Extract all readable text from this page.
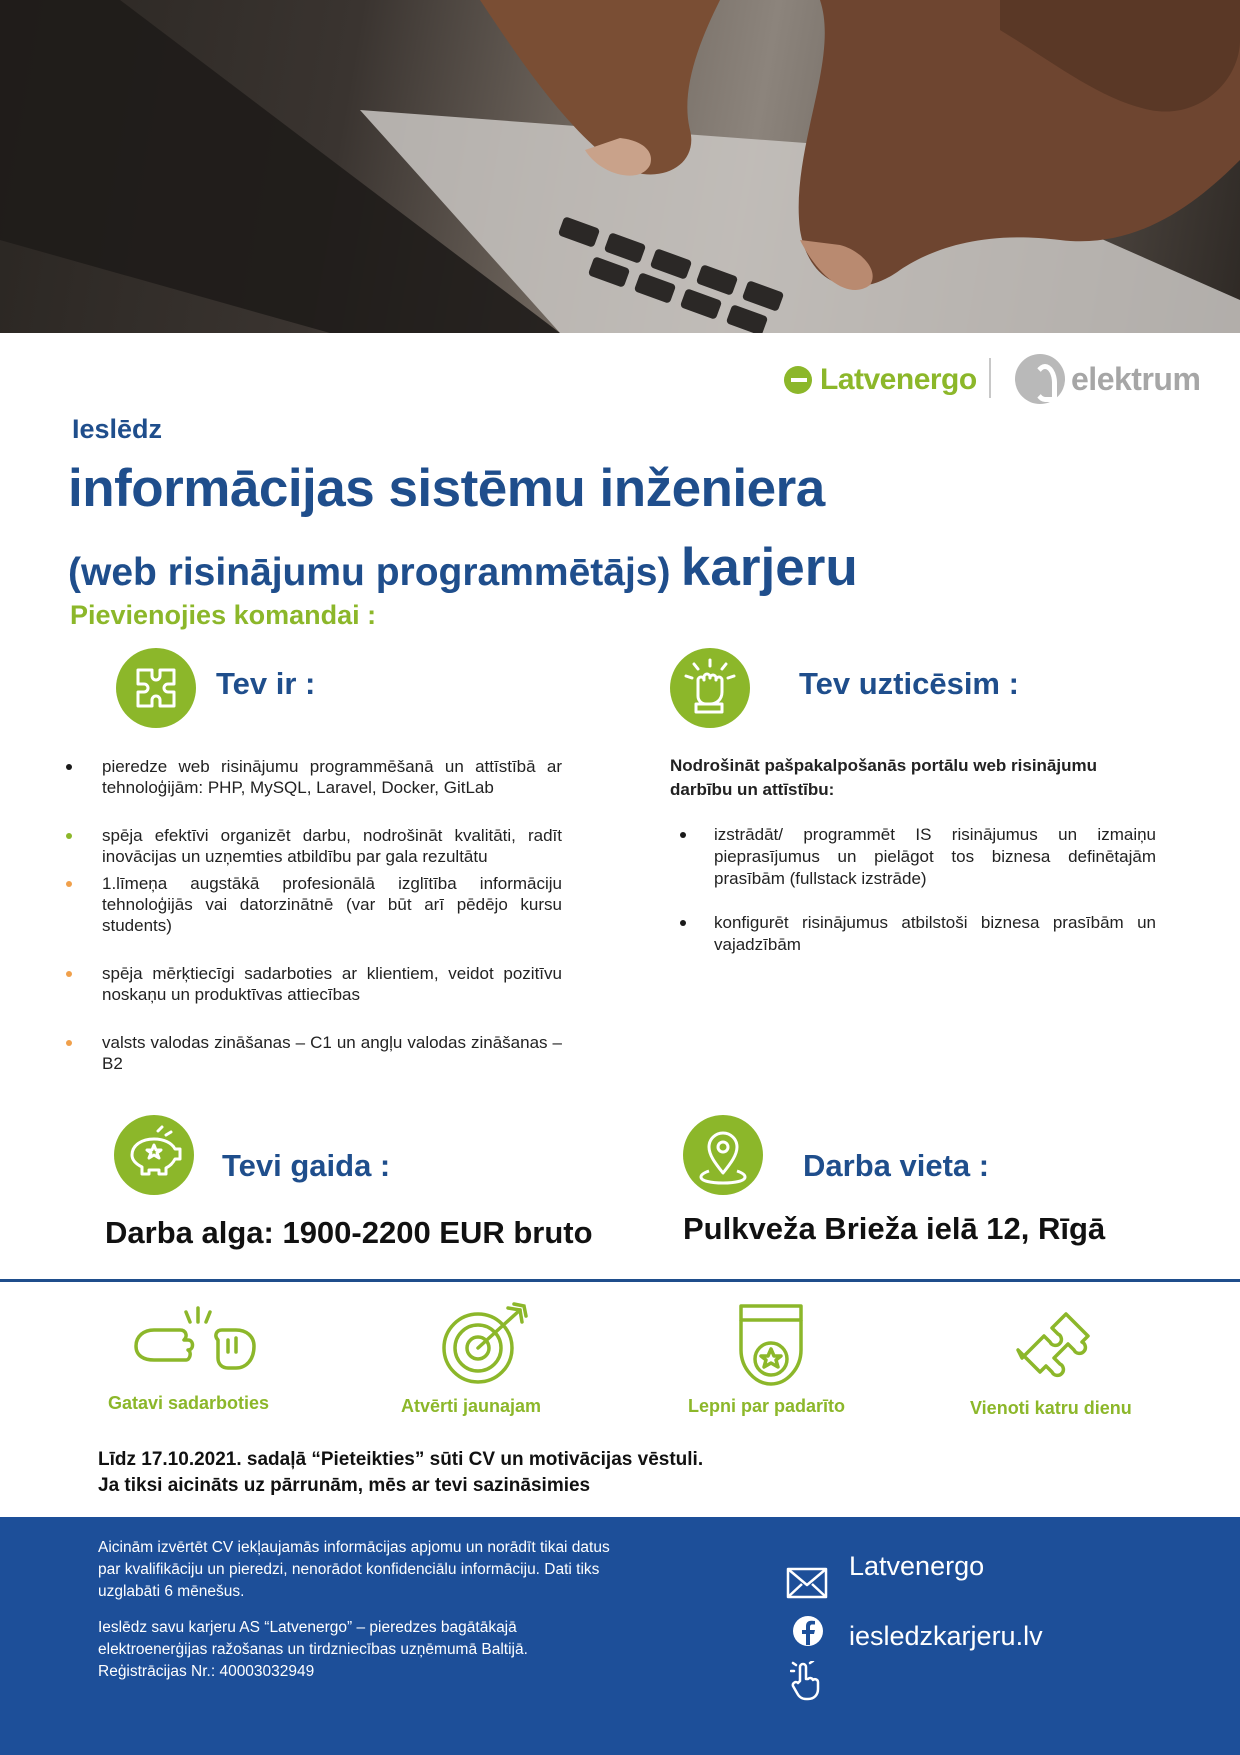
Latvenergo	elektrum
Ieslēdz
informācijas sistēmu inženiera
(web risinājumu programmētājs) karjeru
Pievienojies komandai :
Tev ir :
pieredze web risinājumu programmēšanā un attīstībā ar tehnoloģijām: PHP, MySQL, Laravel, Docker, GitLab
spēja efektīvi organizēt darbu, nodrošināt kvalitāti, radīt inovācijas un uzņemties atbildību par gala rezultātu
1.līmeņa augstākā profesionālā izglītība informāciju tehnoloģijās vai datorzinātnē (var būt arī pēdējo kursu students)
spēja mērķtiecīgi sadarboties ar klientiem, veidot pozitīvu noskaņu un produktīvas attiecības
valsts valodas zināšanas – C1 un angļu valodas zināšanas – B2
Tev uzticēsim :
Nodrošināt pašpakalpošanās portālu web risinājumu darbību un attīstību:
izstrādāt/ programmēt IS risinājumus un izmaiņu pieprasījumus un pielāgot tos biznesa definētajām prasībām (fullstack izstrāde)
konfigurēt risinājumus atbilstoši biznesa prasībām un vajadzībām
Tevi gaida :
Darba alga: 1900-2200 EUR bruto
Darba vieta :
Pulkveža Brieža ielā 12, Rīgā
Gatavi sadarboties	Atvērti jaunajam	Lepni par padarīto	Vienoti katru dienu
Līdz 17.10.2021. sadaļā “Pieteikties” sūti CV un motivācijas vēstuli.
Ja tiksi aicināts uz pārrunām, mēs ar tevi sazināsimies
Aicinām izvērtēt CV iekļaujamās informācijas apjomu un norādīt tikai datus par kvalifikāciju un pieredzi, nenorādot konfidenciālu informāciju. Dati tiks uzglabāti 6 mēnešus.
Ieslēdz savu karjeru AS “Latvenergo” – pieredzes bagātākajā elektroenerģijas ražošanas un tirdzniecības uzņēmumā Baltijā. Reģistrācijas Nr.: 40003032949
Latvenergo
iesledzkarjeru.lv
